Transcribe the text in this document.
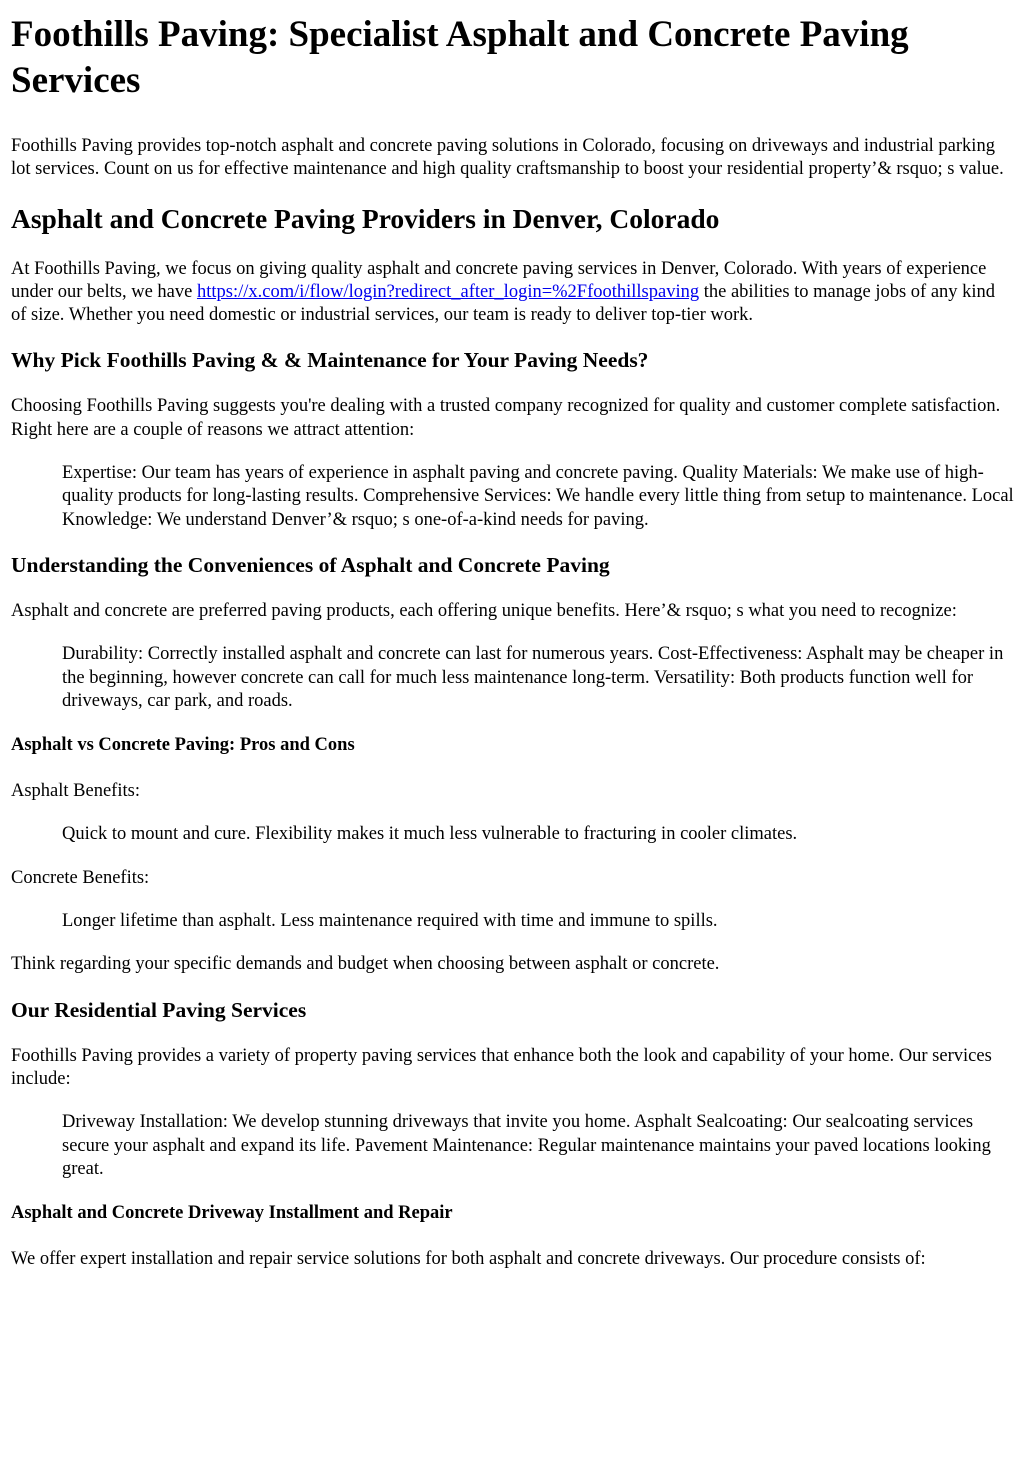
Foothills Paving: Specialist Asphalt and Concrete Paving Services

Foothills Paving provides top-notch asphalt and concrete paving solutions in Colorado, focusing on driveways and industrial parking lot services. Count on us for effective maintenance and high quality craftsmanship to boost your residential property’& rsquo; s value.

Asphalt and Concrete Paving Providers in Denver, Colorado

At Foothills Paving, we focus on giving quality asphalt and concrete paving services in Denver, Colorado. With years of experience under our belts, we have https://x.com/i/flow/login?redirect_after_login=%2Ffoothillspaving the abilities to manage jobs of any kind of size. Whether you need domestic or industrial services, our team is ready to deliver top-tier work.

Why Pick Foothills Paving & & Maintenance for Your Paving Needs?

Choosing Foothills Paving suggests you're dealing with a trusted company recognized for quality and customer complete satisfaction. Right here are a couple of reasons we attract attention:

Expertise: Our team has years of experience in asphalt paving and concrete paving. Quality Materials: We make use of high-quality products for long-lasting results. Comprehensive Services: We handle every little thing from setup to maintenance. Local Knowledge: We understand Denver’& rsquo; s one-of-a-kind needs for paving.
Understanding the Conveniences of Asphalt and Concrete Paving

Asphalt and concrete are preferred paving products, each offering unique benefits. Here’& rsquo; s what you need to recognize:

Durability: Correctly installed asphalt and concrete can last for numerous years. Cost-Effectiveness: Asphalt may be cheaper in the beginning, however concrete can call for much less maintenance long-term. Versatility: Both products function well for driveways, car park, and roads.
Asphalt vs Concrete Paving: Pros and Cons

Asphalt Benefits:

Quick to mount and cure. Flexibility makes it much less vulnerable to fracturing in cooler climates.

Concrete Benefits:

Longer lifetime than asphalt. Less maintenance required with time and immune to spills.

Think regarding your specific demands and budget when choosing between asphalt or concrete.

Our Residential Paving Services

Foothills Paving provides a variety of property paving services that enhance both the look and capability of your home. Our services include:

Driveway Installation: We develop stunning driveways that invite you home. Asphalt Sealcoating: Our sealcoating services secure your asphalt and expand its life. Pavement Maintenance: Regular maintenance maintains your paved locations looking great.
Asphalt and Concrete Driveway Installment and Repair

We offer expert installation and repair service solutions for both asphalt and concrete driveways. Our procedure consists of:
